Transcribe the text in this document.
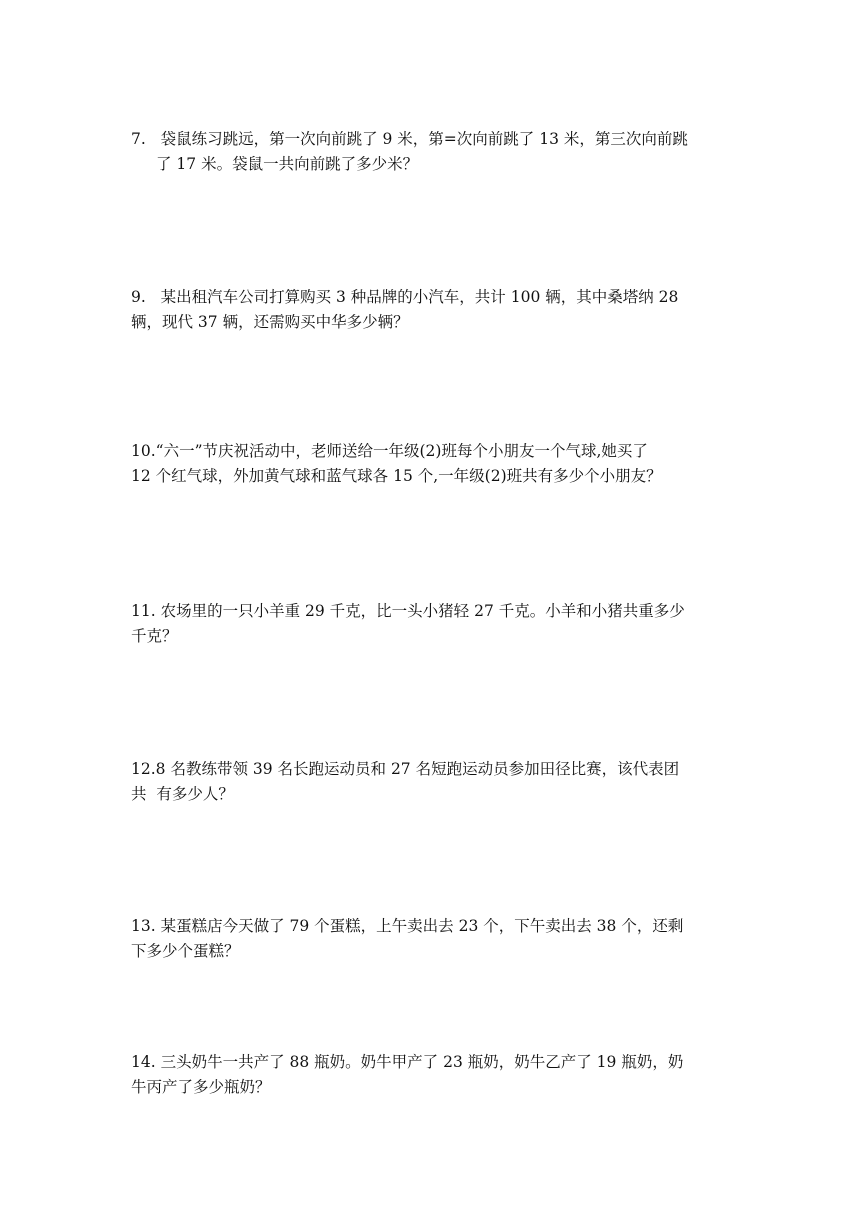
7. 袋鼠练习跳远，第一次向前跳了 9 米，第=次向前跳了 13 米，第三次向前跳
了 17 米。袋鼠一共向前跳了多少米？
9. 某出租汽车公司打算购买 3 种品牌的小汽车，共计 100 辆，其中桑塔纳 28
辆，现代 37 辆，还需购买中华多少辆？
10.“六一”节庆祝活动中，老师送给一年级(2)班每个小朋友一个气球,她买了
12 个红气球，外加黄气球和蓝气球各 15 个,一年级(2)班共有多少个小朋友？
11. 农场里的一只小羊重 29 千克，比一头小猪轻 27 千克。小羊和小猪共重多少
千克？
12.8 名教练带领 39 名长跑运动员和 27 名短跑运动员参加田径比赛，该代表团
共  有多少人？
13. 某蛋糕店今天做了 79 个蛋糕，上午卖出去 23 个，下午卖出去 38 个，还剩
下多少个蛋糕？
14. 三头奶牛一共产了 88 瓶奶。奶牛甲产了 23 瓶奶，奶牛乙产了 19 瓶奶，奶
牛丙产了多少瓶奶？
